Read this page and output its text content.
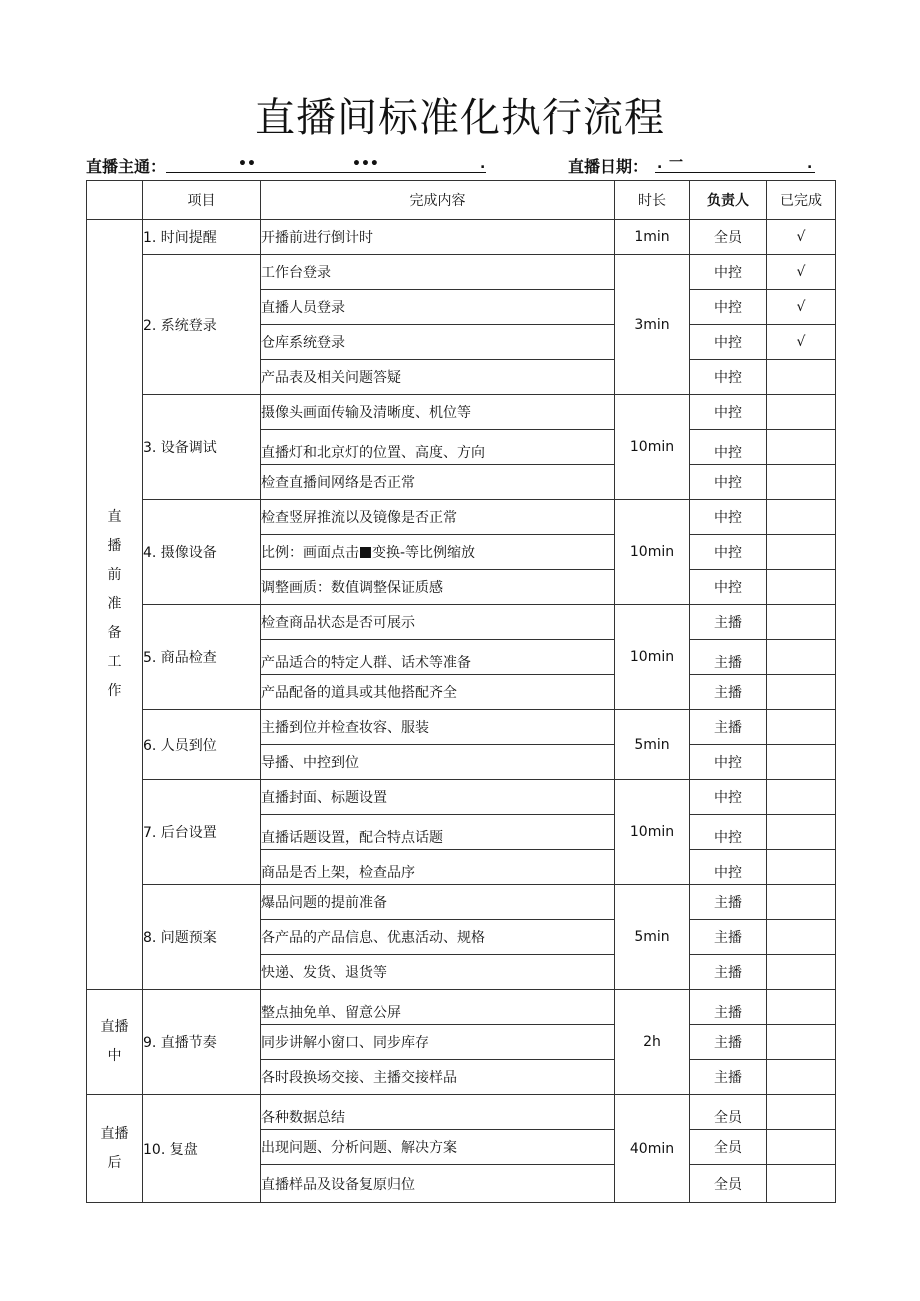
直播间标准化执行流程
直播主通：	••	•••	.	直播日期： . 一	.
	项目	完成内容	时长	负责人	已完成

直播前准备工作	1. 时间提醒	开播前进行倒计时	1min	全员	√
	2. 系统登录	工作台登录	3min	中控	√
		直播人员登录		中控	√
		仓库系统登录		中控	√
		产品表及相关问题答疑		中控	
	3. 设备调试	摄像头画面传输及清晰度、机位等	10min	中控	
		直播灯和北京灯的位置、高度、方向		中控	
		检查直播间网络是否正常		中控	
	4. 摄像设备	检查竖屏推流以及镜像是否正常	10min	中控	
		比例：画面点击 变换-等比例缩放		中控	
		调整画质：数值调整保证质感		中控	
	5. 商品检查	检查商品状态是否可展示	10min	主播	
		产品适合的特定人群、话术等准备		主播	
		产品配备的道具或其他搭配齐全		主播	
	6. 人员到位	主播到位并检查妆容、服装	5min	主播	
		导播、中控到位		中控	
	7. 后台设置	直播封面、标题设置	10min	中控	
		直播话题设置，配合特点话题		中控	
		商品是否上架，检查品序		中控	
	8. 问题预案	爆品问题的提前准备	5min	主播	
		各产品的产品信息、优惠活动、规格		主播	
		快递、发货、退货等		主播	

直播中	9. 直播节奏	整点抽免单、留意公屏	2h	主播	
		同步讲解小窗口、同步库存		主播	
		各时段换场交接、主播交接样品		主播	

直播后	10. 复盘	各种数据总结	40min	全员	
		出现问题、分析问题、解决方案		全员	
		直播样品及设备复原归位		全员	
